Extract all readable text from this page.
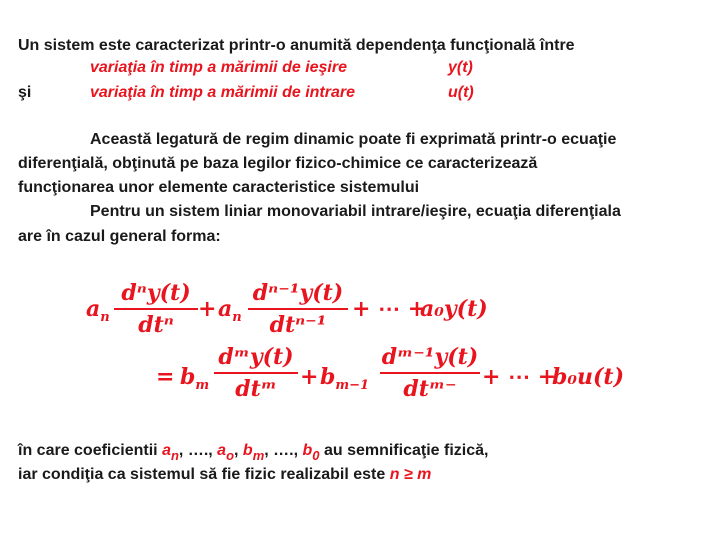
Un sistem este caracterizat printr-o anumită dependenţa funcţională între
variaţia în timp a mărimii de ieşire	y(t)
şi	variaţia în timp a mărimii de intrare	u(t)
Această legatură de regim dinamic poate fi exprimată printr-o ecuaţie
diferenţială, obţinută pe baza legilor fizico-chimice ce caracterizează
funcţionarea unor elemente caracteristice sistemului
Pentru un sistem liniar monovariabil intrare/ieşire, ecuaţia diferenţiala
are în cazul general forma:
$a_n$
dⁿy(t)
dtⁿ
+ $a_n$
dⁿ⁻¹y(t)
dtⁿ⁻¹
+ ⋯ +
a₀y(t)
= $b_m$
dᵐy(t)
dtᵐ	+ $b_{m-1}$
dᵐ⁻¹y(t)
dtᵐ⁻	+ ⋯ +
b₀u(t)
în care coeficientii $a_n$, …., $a_o$, $b_m$, …., $b_0$ au semnificaţie fizică,
iar condiţia ca sistemul să fie fizic realizabil este n ≥ m
